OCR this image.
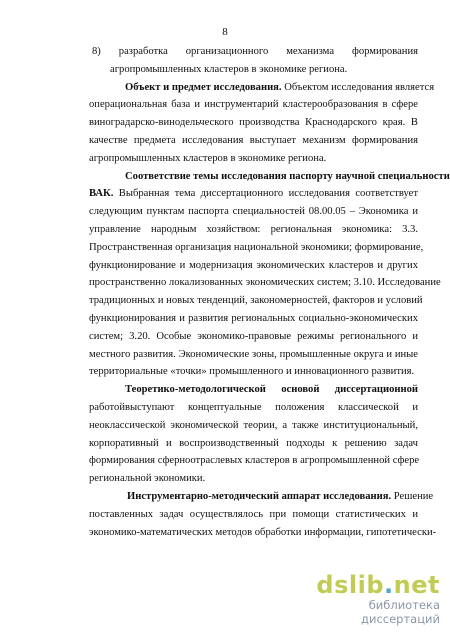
8
8) разработка организационного механизма формирования
агропромышленных кластеров в экономике региона.
Объект и предмет исследования. Объектом исследования является
операциональная база и инструментарий кластерообразования в сфере
виноградарско-винодельческого производства Краснодарского края. В
качестве предмета исследования выступает механизм формирования
агропромышленных кластеров в экономике региона.
Соответствие темы исследования паспорту научной специальности
ВАК. Выбранная тема диссертационного исследования соответствует
следующим пунктам паспорта специальностей 08.00.05 – Экономика и
управление народным хозяйством: региональная экономика: 3.3.
Пространственная организация национальной экономики; формирование,
функционирование и модернизация экономических кластеров и других
пространственно локализованных экономических систем; 3.10. Исследование
традиционных и новых тенденций, закономерностей, факторов и условий
функционирования и развития региональных социально-экономических
систем; 3.20. Особые экономико-правовые режимы регионального и
местного развития. Экономические зоны, промышленные округа и иные
территориальные «точки» промышленного и инновационного развития.
Теоретико-методологической основой диссертационной
работойвыступают концептуальные положения классической и
неоклассической экономической теории, а также институциональный,
корпоративный и воспроизводственный подходы к решению задач
формирования сферноотраслевых кластеров в агропромышленной сфере
региональной экономики.
Инструментарно-методический аппарат исследования. Решение
поставленных задач осуществлялось при помощи статистических и
экономико-математических методов обработки информации, гипотетически-
dslib.net
библиотека диссертаций
